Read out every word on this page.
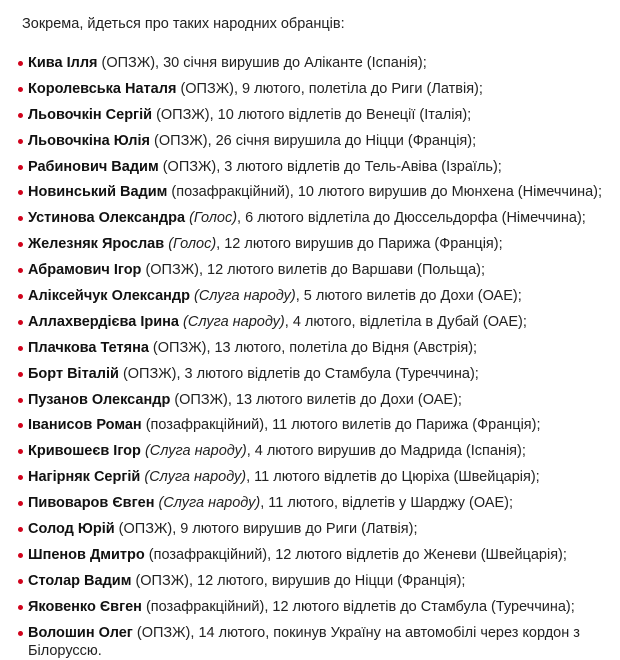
Зокрема, йдеться про таких народних обранців:

Кива Ілля (ОПЗЖ), 30 січня вирушив до Аліканте (Іспанія);
Королевська Наталя (ОПЗЖ), 9 лютого, полетіла до Риги (Латвія);
Льовочкін Сергій (ОПЗЖ), 10 лютого відлетів до Венеції (Італія);
Льовочкіна Юлія (ОПЗЖ), 26 січня вирушила до Ніцци (Франція);
Рабинович Вадим (ОПЗЖ), 3 лютого відлетів до Тель-Авіва (Ізраїль);
Новинський Вадим (позафракційний), 10 лютого вирушив до Мюнхена (Німеччина);
Устинова Олександра (Голос), 6 лютого відлетіла до Дюссельдорфа (Німеччина);
Железняк Ярослав (Голос), 12 лютого вирушив до Парижа (Франція);
Абрамович Ігор (ОПЗЖ), 12 лютого вилетів до Варшави (Польща);
Аліксейчук Олександр (Слуга народу), 5 лютого вилетів до Дохи (ОАЕ);
Аллахвердієва Ірина (Слуга народу), 4 лютого, відлетіла в Дубай (ОАЕ);
Плачкова Тетяна (ОПЗЖ), 13 лютого, полетіла до Відня (Австрія);
Борт Віталій (ОПЗЖ), 3 лютого відлетів до Стамбула (Туреччина);
Пузанов Олександр (ОПЗЖ), 13 лютого вилетів до Дохи (ОАЕ);
Іванисов Роман (позафракційний), 11 лютого вилетів до Парижа (Франція);
Кривошеєв Ігор (Слуга народу), 4 лютого вирушив до Мадрида (Іспанія);
Нагірняк Сергій (Слуга народу), 11 лютого відлетів до Цюріха (Швейцарія);
Пивоваров Євген (Слуга народу), 11 лютого, відлетів у Шарджу (ОАЕ);
Солод Юрій (ОПЗЖ), 9 лютого вирушив до Риги (Латвія);
Шпенов Дмитро (позафракційний), 12 лютого відлетів до Женеви (Швейцарія);
Столар Вадим (ОПЗЖ), 12 лютого, вирушив до Ніцци (Франція);
Яковенко Євген (позафракційний), 12 лютого відлетів до Стамбула (Туреччина);
Волошин Олег (ОПЗЖ), 14 лютого, покинув Україну на автомобілі через кордон з Білоруссю.
